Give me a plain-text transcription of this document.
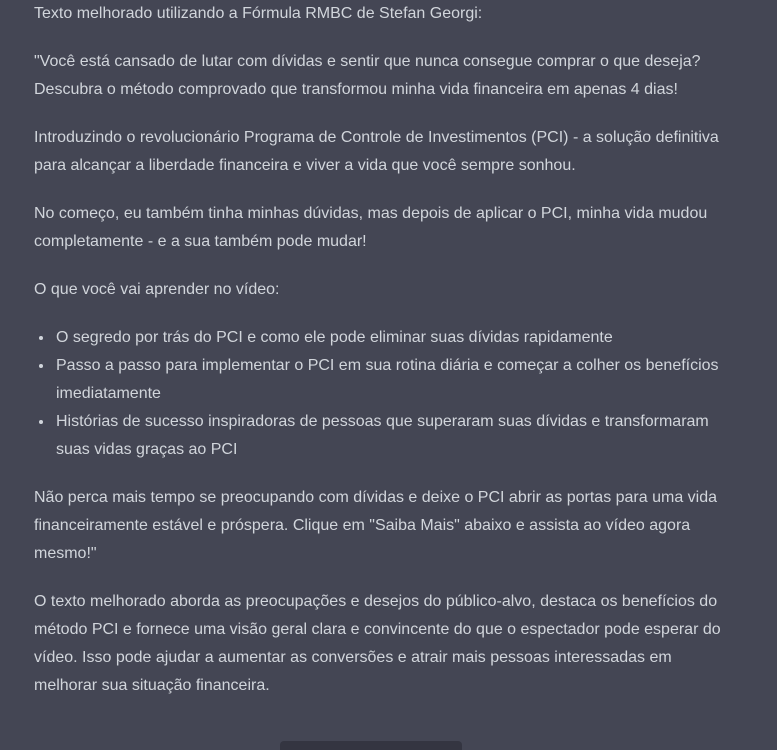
Texto melhorado utilizando a Fórmula RMBC de Stefan Georgi:

"Você está cansado de lutar com dívidas e sentir que nunca consegue comprar o que deseja? Descubra o método comprovado que transformou minha vida financeira em apenas 4 dias!

Introduzindo o revolucionário Programa de Controle de Investimentos (PCI) - a solução definitiva para alcançar a liberdade financeira e viver a vida que você sempre sonhou.

No começo, eu também tinha minhas dúvidas, mas depois de aplicar o PCI, minha vida mudou completamente - e a sua também pode mudar!

O que você vai aprender no vídeo:

O segredo por trás do PCI e como ele pode eliminar suas dívidas rapidamente
Passo a passo para implementar o PCI em sua rotina diária e começar a colher os benefícios imediatamente
Histórias de sucesso inspiradoras de pessoas que superaram suas dívidas e transformaram suas vidas graças ao PCI

Não perca mais tempo se preocupando com dívidas e deixe o PCI abrir as portas para uma vida financeiramente estável e próspera. Clique em "Saiba Mais" abaixo e assista ao vídeo agora mesmo!"

O texto melhorado aborda as preocupações e desejos do público-alvo, destaca os benefícios do método PCI e fornece uma visão geral clara e convincente do que o espectador pode esperar do vídeo. Isso pode ajudar a aumentar as conversões e atrair mais pessoas interessadas em melhorar sua situação financeira.
